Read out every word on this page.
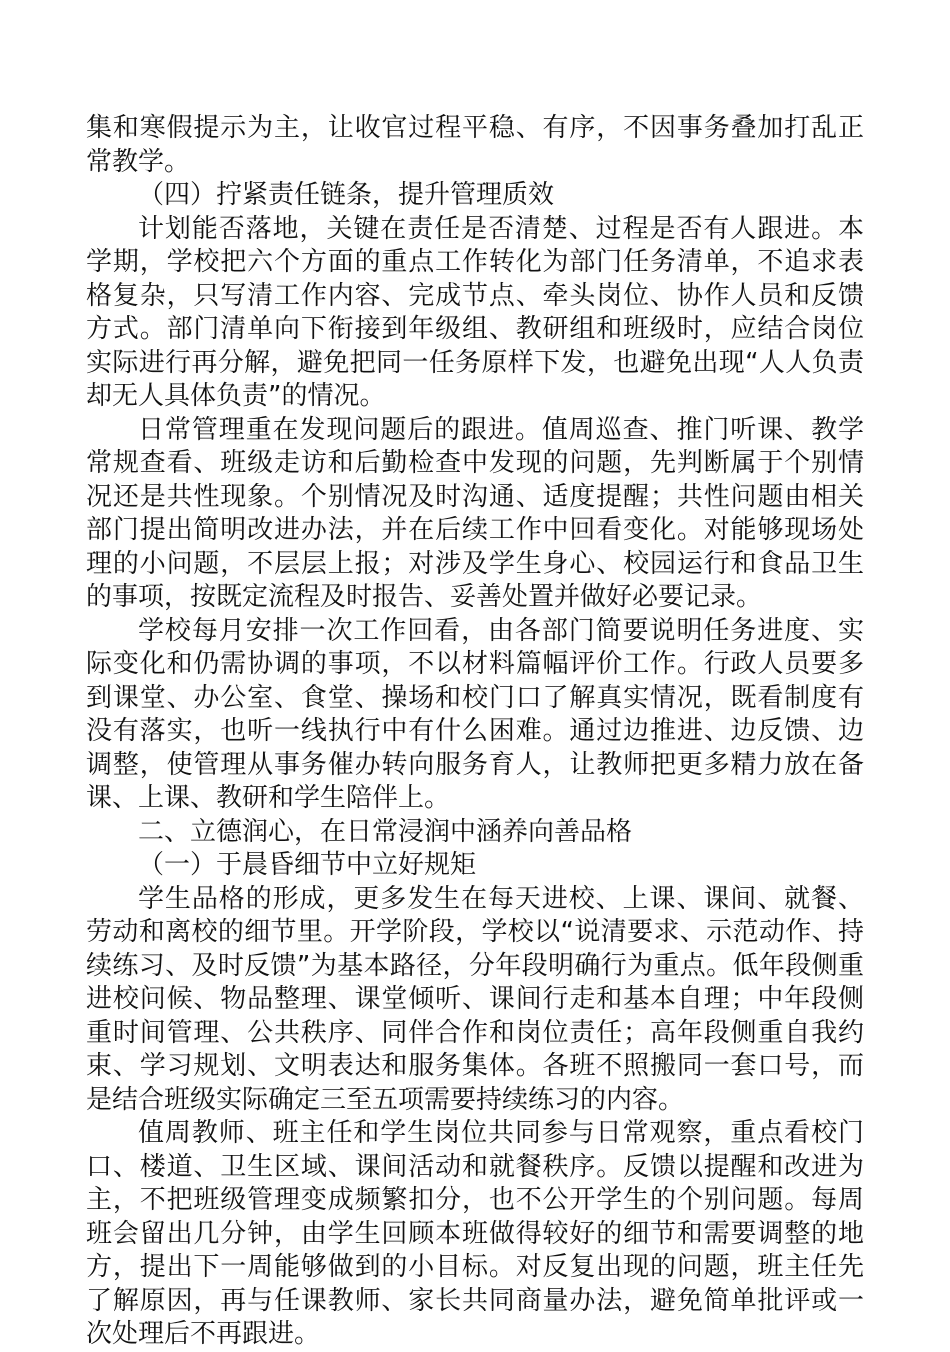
集和寒假提示为主，让收官过程平稳、有序，不因事务叠加打乱正常教学。

（四）拧紧责任链条，提升管理质效

计划能否落地，关键在责任是否清楚、过程是否有人跟进。本学期，学校把六个方面的重点工作转化为部门任务清单，不追求表格复杂，只写清工作内容、完成节点、牵头岗位、协作人员和反馈方式。部门清单向下衔接到年级组、教研组和班级时，应结合岗位实际进行再分解，避免把同一任务原样下发，也避免出现“人人负责却无人具体负责”的情况。

日常管理重在发现问题后的跟进。值周巡查、推门听课、教学常规查看、班级走访和后勤检查中发现的问题，先判断属于个别情况还是共性现象。个别情况及时沟通、适度提醒；共性问题由相关部门提出简明改进办法，并在后续工作中回看变化。对能够现场处理的小问题，不层层上报；对涉及学生身心、校园运行和食品卫生的事项，按既定流程及时报告、妥善处置并做好必要记录。

学校每月安排一次工作回看，由各部门简要说明任务进度、实际变化和仍需协调的事项，不以材料篇幅评价工作。行政人员要多到课堂、办公室、食堂、操场和校门口了解真实情况，既看制度有没有落实，也听一线执行中有什么困难。通过边推进、边反馈、边调整，使管理从事务催办转向服务育人，让教师把更多精力放在备课、上课、教研和学生陪伴上。

二、立德润心，在日常浸润中涵养向善品格

（一）于晨昏细节中立好规矩

学生品格的形成，更多发生在每天进校、上课、课间、就餐、劳动和离校的细节里。开学阶段，学校以“说清要求、示范动作、持续练习、及时反馈”为基本路径，分年段明确行为重点。低年段侧重进校问候、物品整理、课堂倾听、课间行走和基本自理；中年段侧重时间管理、公共秩序、同伴合作和岗位责任；高年段侧重自我约束、学习规划、文明表达和服务集体。各班不照搬同一套口号，而是结合班级实际确定三至五项需要持续练习的内容。

值周教师、班主任和学生岗位共同参与日常观察，重点看校门口、楼道、卫生区域、课间活动和就餐秩序。反馈以提醒和改进为主，不把班级管理变成频繁扣分，也不公开学生的个别问题。每周班会留出几分钟，由学生回顾本班做得较好的细节和需要调整的地方，提出下一周能够做到的小目标。对反复出现的问题，班主任先了解原因，再与任课教师、家长共同商量办法，避免简单批评或一次处理后不再跟进。
